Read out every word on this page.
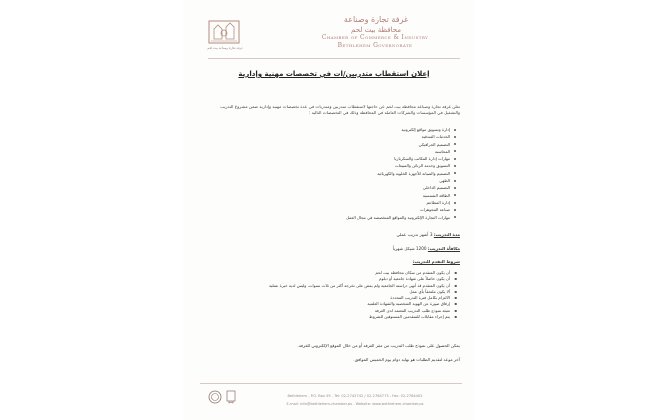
غرفة تجارة وصناعة بيت لحم
غرفة تجارة وصناعة
محافظة بيت لحم
Chamber of Commerce & Industry
Bethlehem Governorate
إعلان استقطاب متدربين/ات في تخصصات مهنية وإدارية
تعلن غرفة تجارة وصناعة محافظة بيت لحم عن حاجتها لاستقطاب متدربين ومتدربات في عدة تخصصات مهنية وإدارية ضمن مشروع التدريب والتشغيل في المؤسسات والشركات العاملة في المحافظة وذلك في التخصصات التالية :
إدارة وتسويق مواقع إلكترونية
الخدمات الفندقية
التصميم الجرافيكي
المحاسبة
مهارات إدارة المكاتب والسكرتاريا
التسويق وخدمة الزبائن والمبيعات
التصميم والصيانة للأجهزة الخلوية والكهربائية
الطهي
التصميم الداخلي
الطاقة الشمسية
إدارة المطاعم
صناعة المجوهرات
مهارات التجارة الإلكترونية والمواقع المتخصصة في مجال العمل
مدة التدريب: 3 أشهر تدريب عملي
مكافأة التدريب: 1200 شيكل شهرياً
شروط التقدم للتدريب:
▪
أن يكون المتقدم من سكان محافظة بيت لحم
▪
أن يكون حاصلاً على شهادة جامعية أو دبلوم
▪
أن يكون المتقدم قد أنهى دراسته الجامعية ولم يمضِ على تخرجه أكثر من ثلاث سنوات، وليس لديه خبرة عملية
▪
ألا يكون ملتحقاً بأي عمل
▪
الالتزام بكامل فترة التدريب المحددة
▪
إرفاق صورة عن الهوية الشخصية والشهادة العلمية
▪
تعبئة نموذج طلب التدريب المعتمد لدى الغرفة
▪
يتم إجراء مقابلات للمتقدمين المستوفين للشروط
يمكن الحصول على نموذج طلب التدريب من مقر الغرفة أو من خلال الموقع الإلكتروني للغرفة.
آخر موعد لتقديم الطلبات هو نهاية دوام يوم الخميس الموافق.
Bethlehem - P.O. Box 59 - Tel: 02-2742742 / 02-2764773 - Fax: 02-2764402
E-mail: info@bethlehem-chamber.ps - Website: www.bethlehem-chamber.ps
